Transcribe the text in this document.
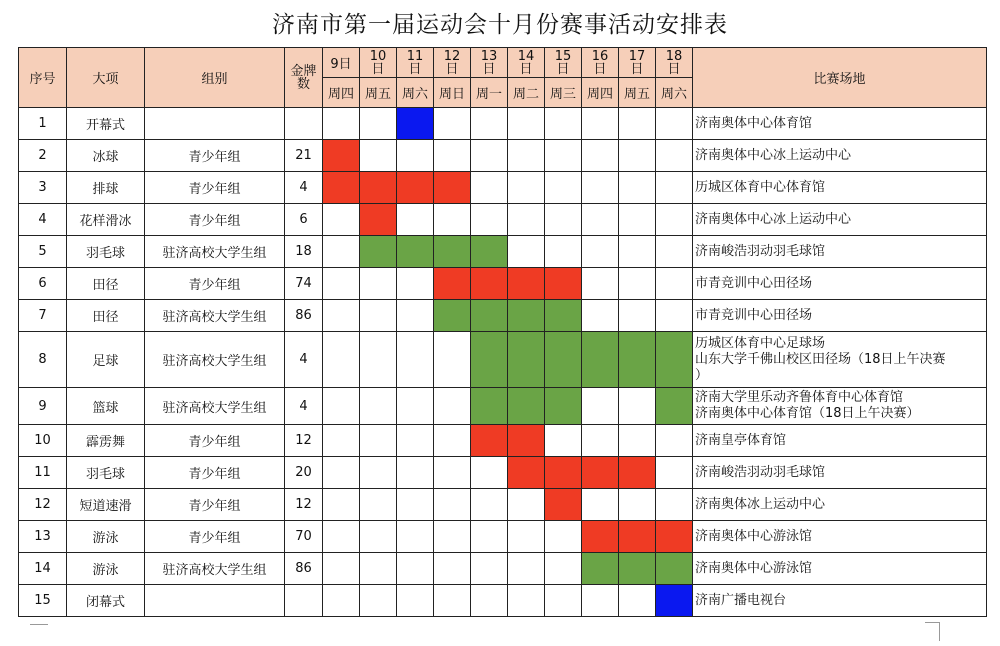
济南市第一届运动会十月份赛事活动安排表
序号	大项	组别	金牌数	9日	10日	11日	12日	13日	14日	15日	16日	17日	18日	比赛场地
				周四	周五	周六	周日	周一	周二	周三	周四	周五	周六	
1	开幕式													济南奥体中心体育馆

2	冰球	青少年组	21											济南奥体中心冰上运动中心

3	排球	青少年组	4											历城区体育中心体育馆

4	花样滑冰	青少年组	6											济南奥体中心冰上运动中心

5	羽毛球	驻济高校大学生组	18											济南峻浩羽动羽毛球馆

6	田径	青少年组	74											市青竞训中心田径场

7	田径	驻济高校大学生组	86											市青竞训中心田径场

8	足球	驻济高校大学生组	4											历城区体育中心足球场
山东大学千佛山校区田径场（18日上午决赛
）

9	篮球	驻济高校大学生组	4											济南大学里乐动齐鲁体育中心体育馆
济南奥体中心体育馆（18日上午决赛）

10	霹雳舞	青少年组	12											济南皇亭体育馆

11	羽毛球	青少年组	20											济南峻浩羽动羽毛球馆

12	短道速滑	青少年组	12											济南奥体冰上运动中心

13	游泳	青少年组	70											济南奥体中心游泳馆

14	游泳	驻济高校大学生组	86											济南奥体中心游泳馆

15	闭幕式													济南广播电视台
